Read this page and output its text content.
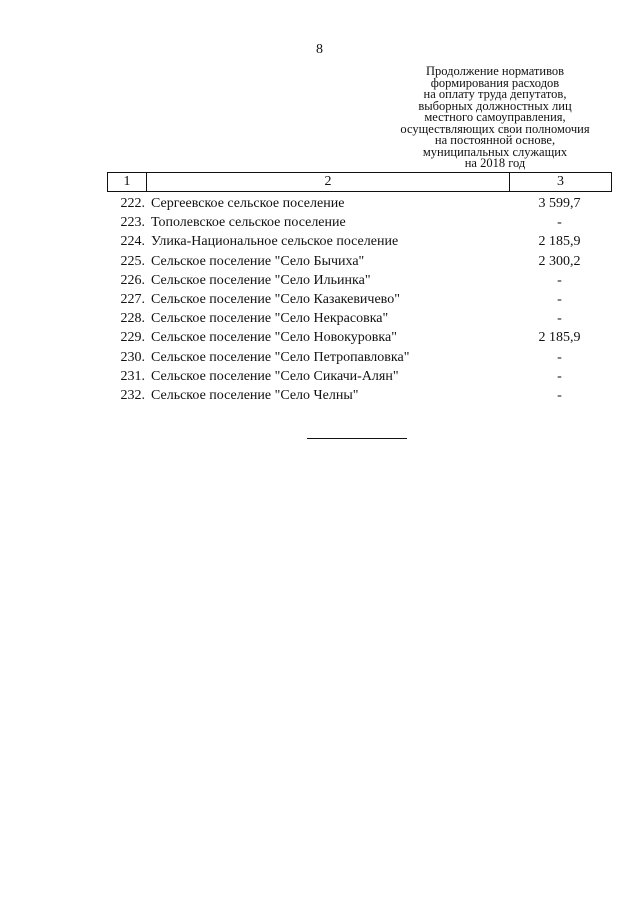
8
Продолжение нормативов
формирования расходов
на оплату труда депутатов,
выборных должностных лиц
местного самоуправления,
осуществляющих свои полномочия
на постоянной основе,
муниципальных служащих
на 2018 год
1	2	3
222. Сергеевское сельское поселение	3 599,7
223. Тополевское сельское поселение	-
224. Улика-Национальное сельское поселение	2 185,9
225. Сельское поселение "Село Бычиха"	2 300,2
226. Сельское поселение "Село Ильинка"	-
227. Сельское поселение "Село Казакевичево"	-
228. Сельское поселение "Село Некрасовка"	-
229. Сельское поселение "Село Новокуровка"	2 185,9
230. Сельское поселение "Село Петропавловка"	-
231. Сельское поселение "Село Сикачи-Алян"	-
232. Сельское поселение "Село Челны"	-
